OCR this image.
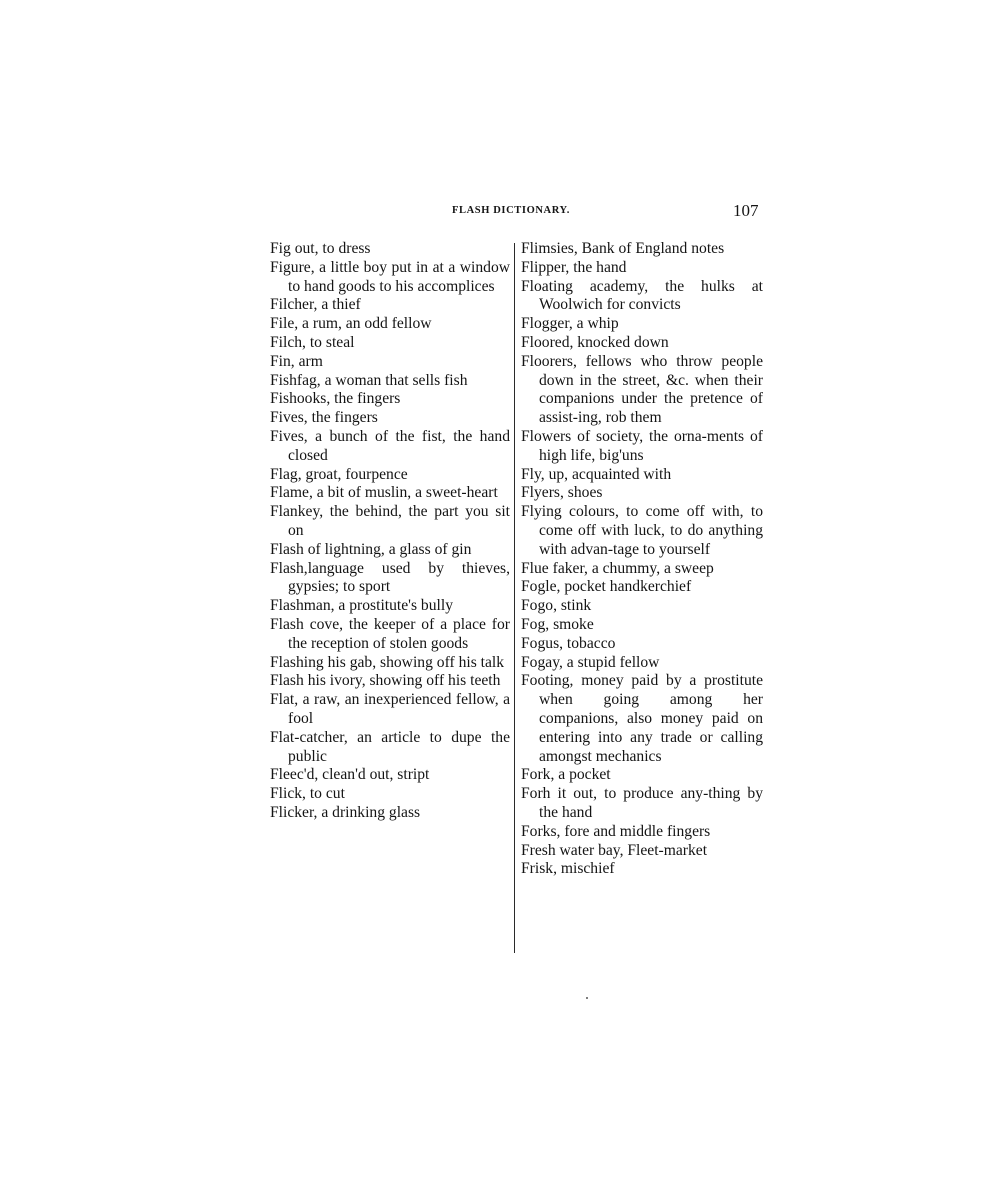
FLASH DICTIONARY.	107

Fig out, to dress

Figure, a little boy put in at a window to hand goods to his accomplices

Filcher, a thief

File, a rum, an odd fellow

Filch, to steal

Fin, arm

Fishfag, a woman that sells fish

Fishooks, the fingers

Fives, the fingers

Fives, a bunch of the fist, the hand closed

Flag, groat, fourpence

Flame, a bit of muslin, a sweet-heart

Flankey, the behind, the part you sit on

Flash of lightning, a glass of gin

Flash,language used by thieves, gypsies; to sport

Flashman, a prostitute's bully

Flash cove, the keeper of a place for the reception of stolen goods

Flashing his gab, showing off his talk

Flash his ivory, showing off his teeth

Flat, a raw, an inexperienced fellow, a fool

Flat-catcher, an article to dupe the public

Fleec'd, clean'd out, stript

Flick, to cut

Flicker, a drinking glass

Flimsies, Bank of England notes

Flipper, the hand

Floating academy, the hulks at Woolwich for convicts

Flogger, a whip

Floored, knocked down

Floorers, fellows who throw people down in the street, &c. when their companions under the pretence of assist-ing, rob them

Flowers of society, the orna-ments of high life, big'uns

Fly, up, acquainted with

Flyers, shoes

Flying colours, to come off with, to come off with luck, to do anything with advan-tage to yourself

Flue faker, a chummy, a sweep

Fogle, pocket handkerchief

Fogo, stink

Fog, smoke

Fogus, tobacco

Fogay, a stupid fellow

Footing, money paid by a prostitute when going among her companions, also money paid on entering into any trade or calling amongst mechanics

Fork, a pocket

Forh it out, to produce any-thing by the hand

Forks, fore and middle fingers

Fresh water bay, Fleet-market

Frisk, mischief
